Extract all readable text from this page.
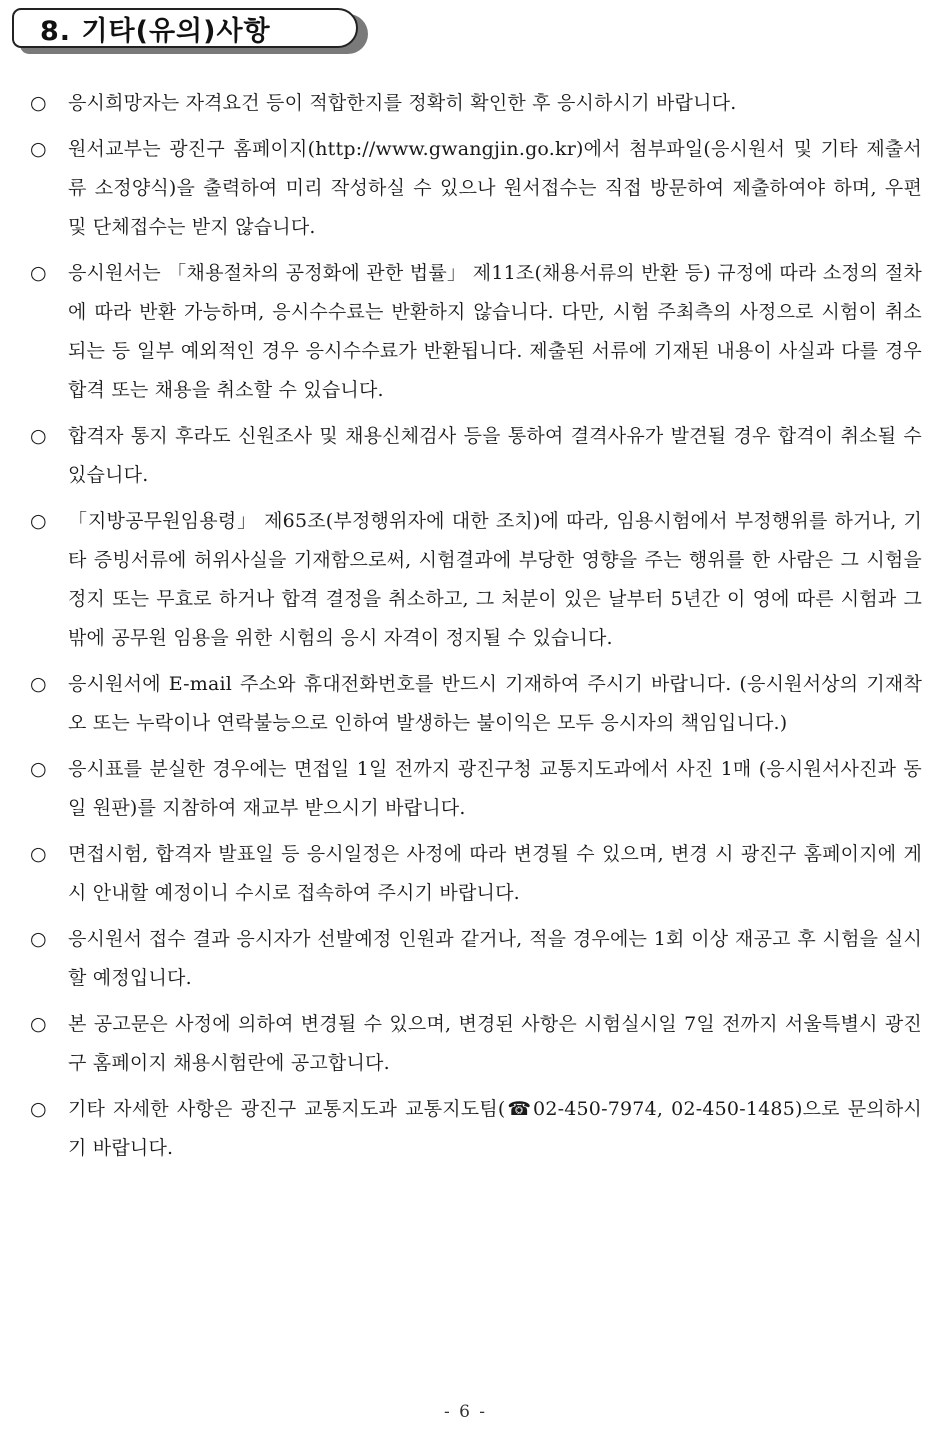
8. 기타(유의)사항
○ 응시희망자는 자격요건 등이 적합한지를 정확히 확인한 후 응시하시기 바랍니다.
○ 원서교부는 광진구 홈페이지(http://www.gwangjin.go.kr)에서 첨부파일(응시원서 및 기타 제출서류 소정양식)을 출력하여 미리 작성하실 수 있으나 원서접수는 직접 방문하여 제출하여야 하며, 우편 및 단체접수는 받지 않습니다.
○ 응시원서는 「채용절차의 공정화에 관한 법률」 제11조(채용서류의 반환 등) 규정에 따라 소정의 절차에 따라 반환 가능하며, 응시수수료는 반환하지 않습니다. 다만, 시험 주최측의 사정으로 시험이 취소되는 등 일부 예외적인 경우 응시수수료가 반환됩니다. 제출된 서류에 기재된 내용이 사실과 다를 경우 합격 또는 채용을 취소할 수 있습니다.
○ 합격자 통지 후라도 신원조사 및 채용신체검사 등을 통하여 결격사유가 발견될 경우 합격이 취소될 수 있습니다.
○ 「지방공무원임용령」 제65조(부정행위자에 대한 조치)에 따라, 임용시험에서 부정행위를 하거나, 기타 증빙서류에 허위사실을 기재함으로써, 시험결과에 부당한 영향을 주는 행위를 한 사람은 그 시험을 정지 또는 무효로 하거나 합격 결정을 취소하고, 그 처분이 있은 날부터 5년간 이 영에 따른 시험과 그 밖에 공무원 임용을 위한 시험의 응시 자격이 정지될 수 있습니다.
○ 응시원서에 E-mail 주소와 휴대전화번호를 반드시 기재하여 주시기 바랍니다. (응시원서상의 기재착오 또는 누락이나 연락불능으로 인하여 발생하는 불이익은 모두 응시자의 책임입니다.)
○ 응시표를 분실한 경우에는 면접일 1일 전까지 광진구청 교통지도과에서 사진 1매 (응시원서사진과 동일 원판)를 지참하여 재교부 받으시기 바랍니다.
○ 면접시험, 합격자 발표일 등 응시일정은 사정에 따라 변경될 수 있으며, 변경 시 광진구 홈페이지에 게시 안내할 예정이니 수시로 접속하여 주시기 바랍니다.
○ 응시원서 접수 결과 응시자가 선발예정 인원과 같거나, 적을 경우에는 1회 이상 재공고 후 시험을 실시할 예정입니다.
○ 본 공고문은 사정에 의하여 변경될 수 있으며, 변경된 사항은 시험실시일 7일 전까지 서울특별시 광진구 홈페이지 채용시험란에 공고합니다.
○ 기타 자세한 사항은 광진구 교통지도과 교통지도팀(☎02-450-7974, 02-450-1485)으로 문의하시기 바랍니다.
- 6 -
